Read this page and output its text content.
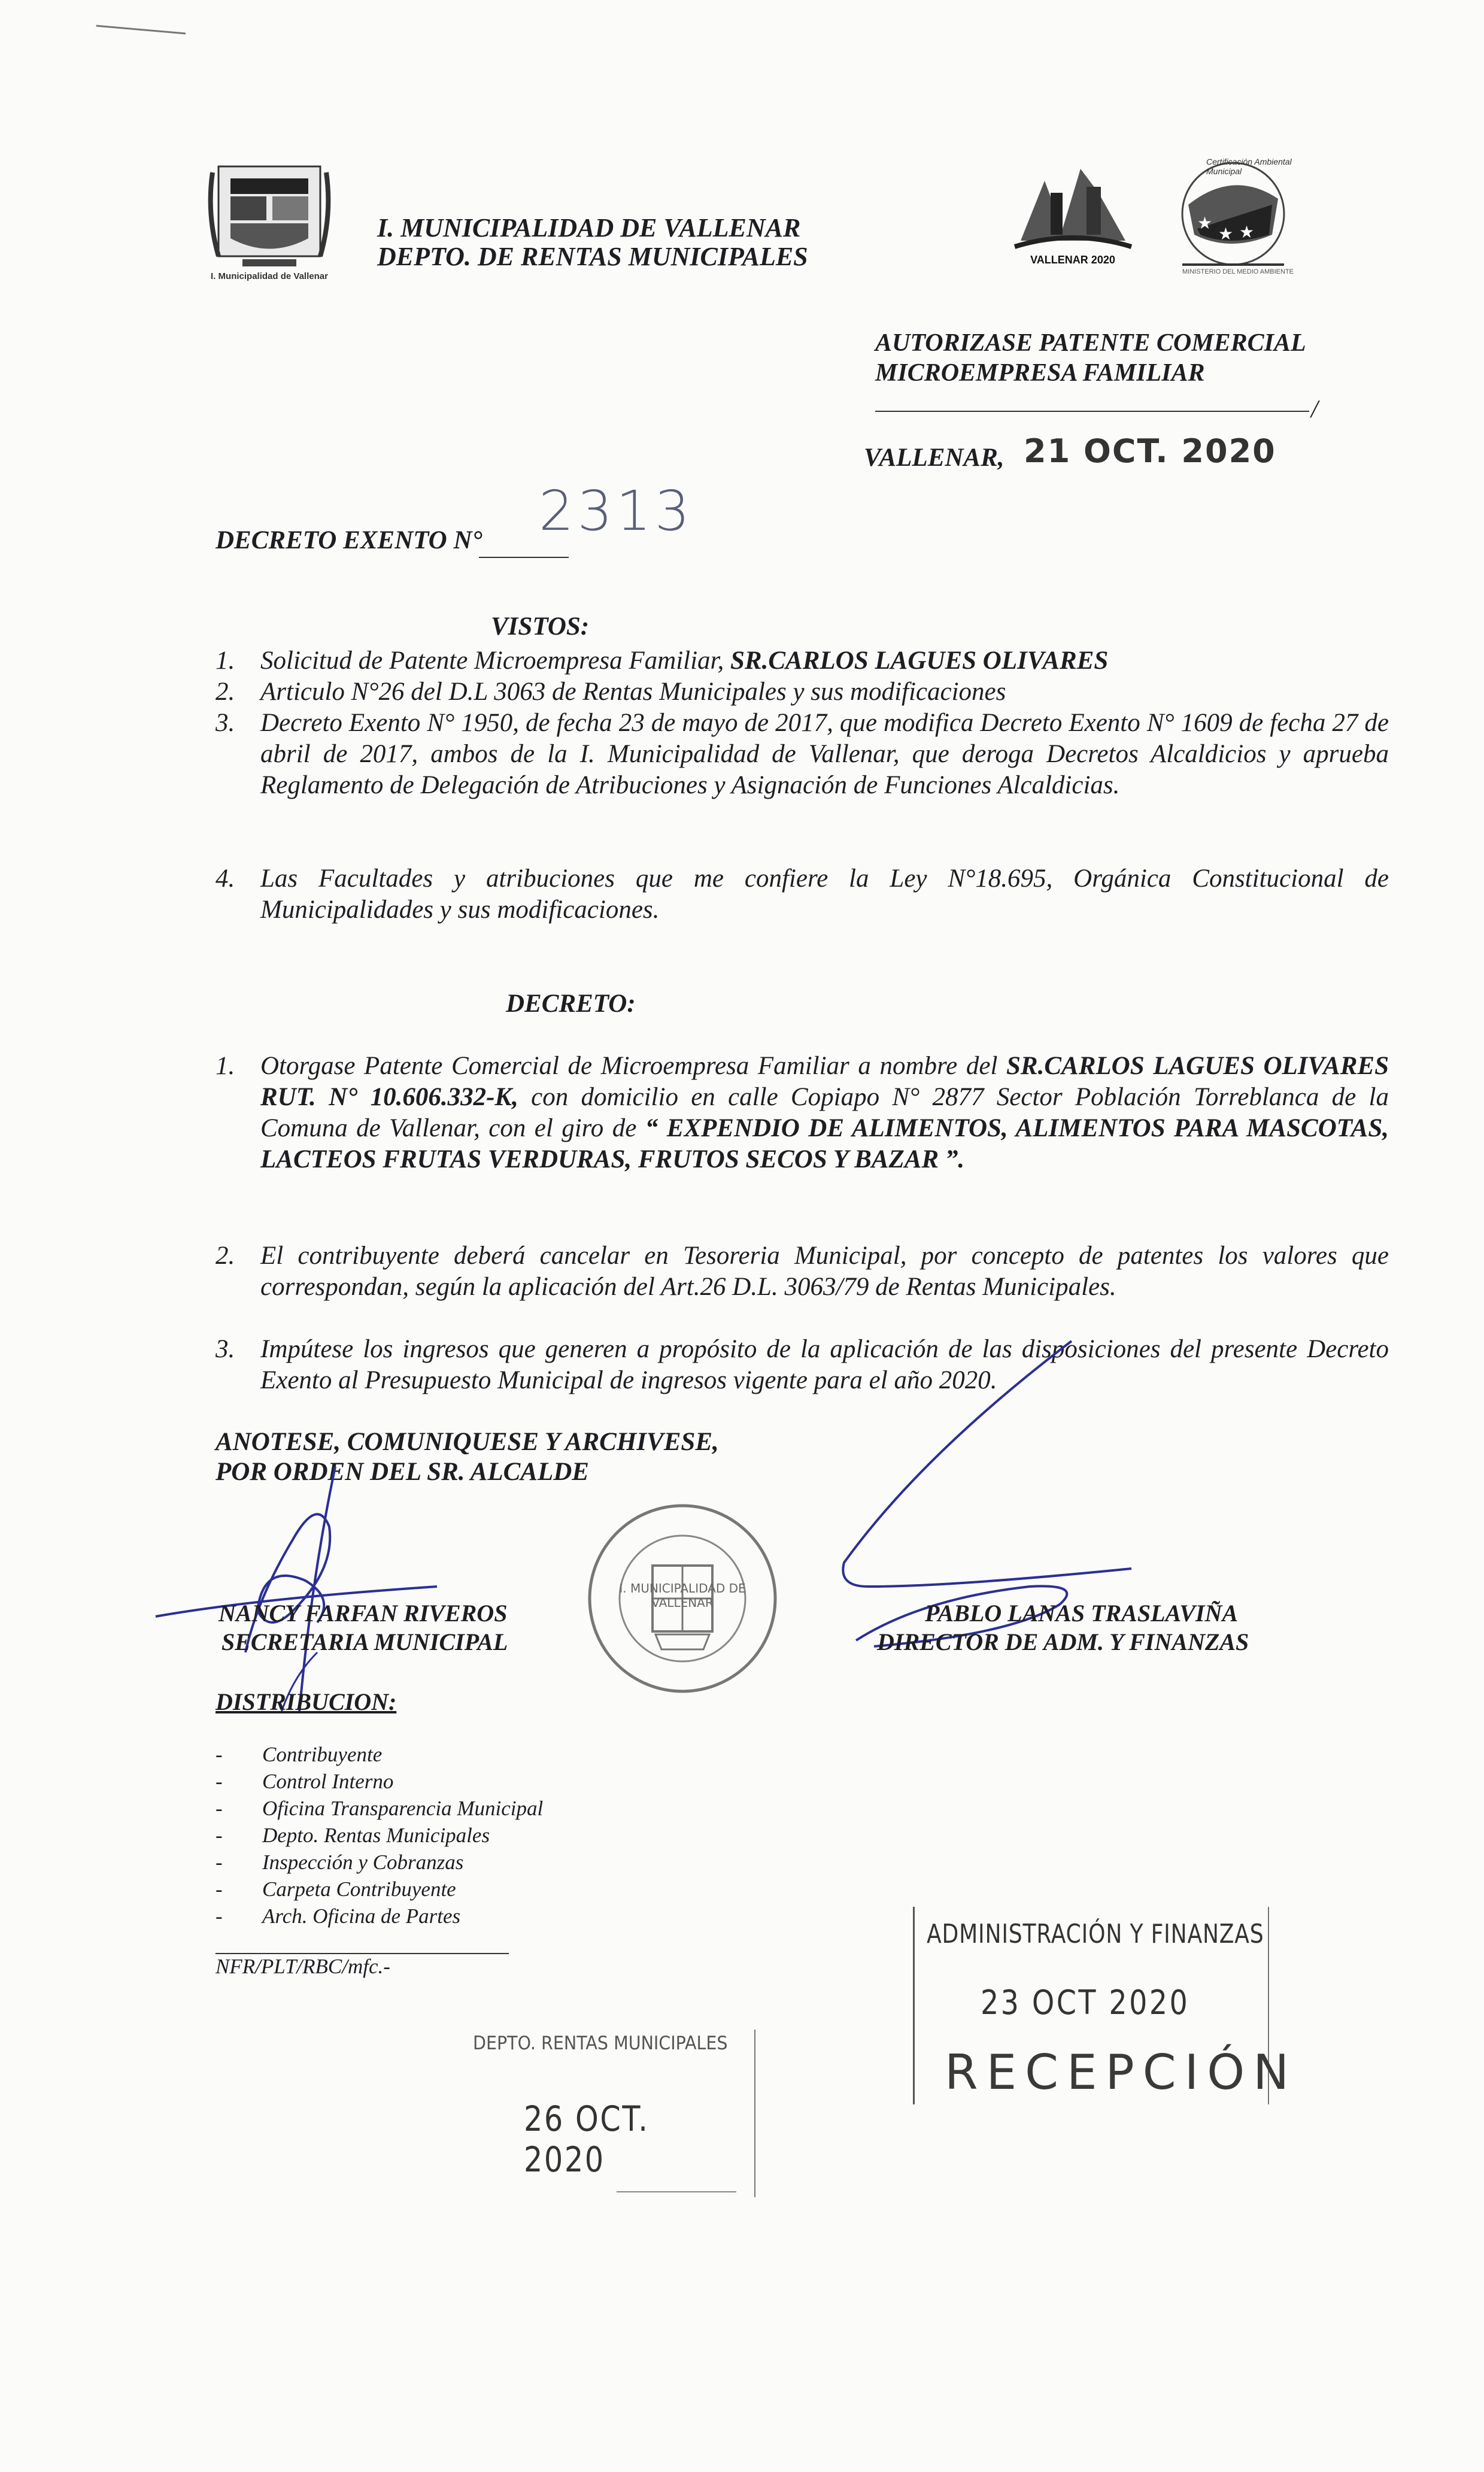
I. Municipalidad de Vallenar
I. MUNICIPALIDAD DE VALLENAR
DEPTO. DE RENTAS MUNICIPALES	VALLENAR 2020
★
★ ★
Certificación Ambiental Municipal
MINISTERIO DEL MEDIO AMBIENTE
AUTORIZASE PATENTE COMERCIAL
MICROEMPRESA FAMILIAR
/
VALLENAR, 21 OCT. 2020
DECRETO EXENTO N° 2313
VISTOS:
1. Solicitud de Patente Microempresa Familiar, SR.CARLOS LAGUES OLIVARES
2. Articulo N°26 del D.L 3063 de Rentas Municipales y sus modificaciones
3. Decreto Exento N° 1950, de fecha 23 de mayo de 2017, que modifica Decreto Exento N° 1609 de fecha 27 de abril de 2017, ambos de la I. Municipalidad de Vallenar, que deroga Decretos Alcaldicios y aprueba Reglamento de Delegación de Atribuciones y Asignación de Funciones Alcaldicias.
4. Las Facultades y atribuciones que me confiere la Ley N°18.695, Orgánica Constitucional de Municipalidades y sus modificaciones.
DECRETO:
1. Otorgase Patente Comercial de Microempresa Familiar a nombre del SR.CARLOS LAGUES OLIVARES RUT. N° 10.606.332-K, con domicilio en calle Copiapo N° 2877 Sector Población Torreblanca de la Comuna de Vallenar, con el giro de “ EXPENDIO DE ALIMENTOS, ALIMENTOS PARA MASCOTAS, LACTEOS FRUTAS VERDURAS, FRUTOS SECOS Y BAZAR ”.
2. El contribuyente deberá cancelar en Tesoreria Municipal, por concepto de patentes los valores que correspondan, según la aplicación del Art.26 D.L. 3063/79 de Rentas Municipales.
3. Impútese los ingresos que generen a propósito de la aplicación de las disposiciones del presente Decreto Exento al Presupuesto Municipal de ingresos vigente para el año 2020.
ANOTESE, COMUNIQUESE Y ARCHIVESE,
POR ORDEN DEL SR. ALCALDE
I. MUNICIPALIDAD DE VALLENAR
NANCY FARFAN RIVEROS
SECRETARIA MUNICIPAL
PABLO LANAS TRASLAVIÑA
DIRECTOR DE ADM. Y FINANZAS
DISTRIBUCION:
- Contribuyente
- Control Interno
- Oficina Transparencia Municipal
- Depto. Rentas Municipales
- Inspección y Cobranzas
- Carpeta Contribuyente
- Arch. Oficina de Partes
NFR/PLT/RBC/mfc.-
ADMINISTRACIÓN Y FINANZAS
23 OCT 2020
RECEPCIÓN
DEPTO. RENTAS MUNICIPALES
26 OCT. 2020
